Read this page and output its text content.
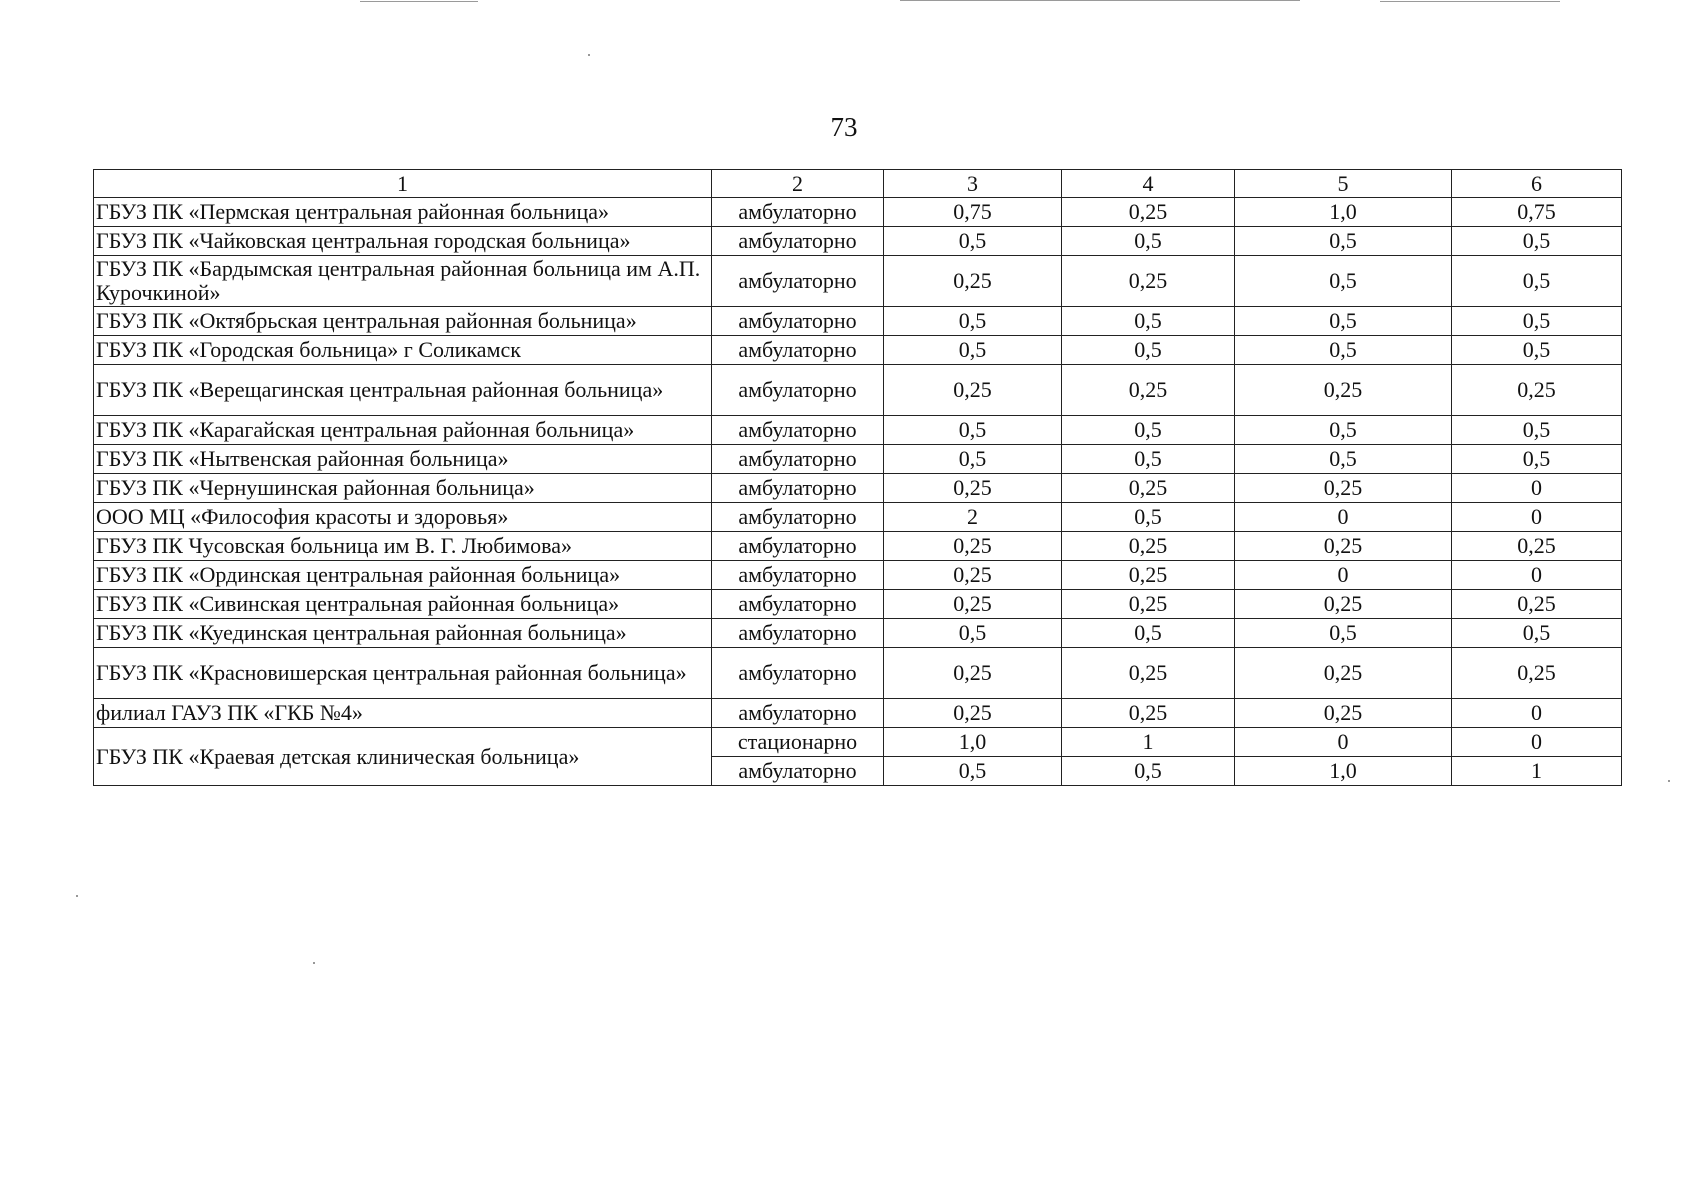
73
1	2	3	4	5	6
ГБУЗ ПК «Пермская центральная районная больница»	амбулаторно	0,75	0,25	1,0	0,75
ГБУЗ ПК «Чайковская центральная городская больница»	амбулаторно	0,5	0,5	0,5	0,5
ГБУЗ ПК «Бардымская центральная районная больница им А.П. Курочкиной»	амбулаторно	0,25	0,25	0,5	0,5
ГБУЗ ПК «Октябрьская центральная районная больница»	амбулаторно	0,5	0,5	0,5	0,5
ГБУЗ ПК «Городская больница» г Соликамск	амбулаторно	0,5	0,5	0,5	0,5
ГБУЗ ПК «Верещагинская центральная районная больница»	амбулаторно	0,25	0,25	0,25	0,25
ГБУЗ ПК «Карагайская центральная районная больница»	амбулаторно	0,5	0,5	0,5	0,5
ГБУЗ ПК «Нытвенская районная больница»	амбулаторно	0,5	0,5	0,5	0,5
ГБУЗ ПК «Чернушинская районная больница»	амбулаторно	0,25	0,25	0,25	0
ООО МЦ «Философия красоты и здоровья»	амбулаторно	2	0,5	0	0
ГБУЗ ПК Чусовская больница им В. Г. Любимова»	амбулаторно	0,25	0,25	0,25	0,25
ГБУЗ ПК «Ординская центральная районная больница»	амбулаторно	0,25	0,25	0	0
ГБУЗ ПК «Сивинская центральная районная больница»	амбулаторно	0,25	0,25	0,25	0,25
ГБУЗ ПК «Куединская центральная районная больница»	амбулаторно	0,5	0,5	0,5	0,5
ГБУЗ ПК «Красновишерская центральная районная больница»	амбулаторно	0,25	0,25	0,25	0,25
филиал ГАУЗ ПК «ГКБ №4»	амбулаторно	0,25	0,25	0,25	0
ГБУЗ ПК «Краевая детская клиническая больница»	стационарно	1,0	1	0	0
	амбулаторно	0,5	0,5	1,0	1
